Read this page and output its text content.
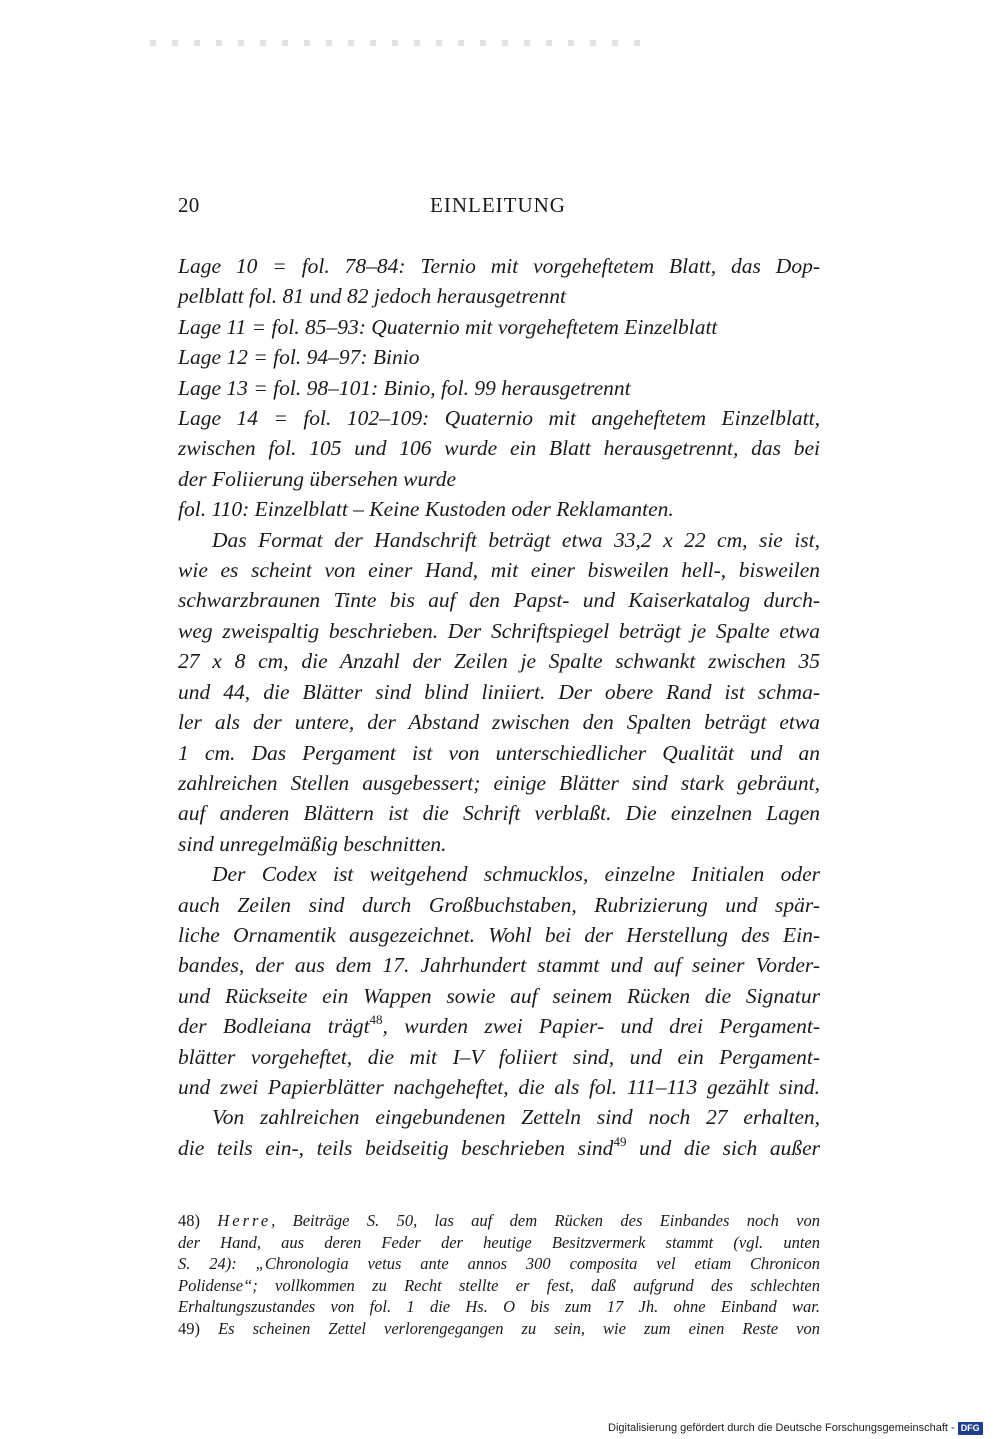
20	EINLEITUNG
Lage 10 = fol. 78–84: Ternio mit vorgeheftetem Blatt, das Dop-
pelblatt fol. 81 und 82 jedoch herausgetrennt
Lage 11 = fol. 85–93: Quaternio mit vorgeheftetem Einzelblatt
Lage 12 = fol. 94–97: Binio
Lage 13 = fol. 98–101: Binio, fol. 99 herausgetrennt
Lage 14 = fol. 102–109: Quaternio mit angeheftetem Einzelblatt,
zwischen fol. 105 und 106 wurde ein Blatt herausgetrennt, das bei
der Foliierung übersehen wurde
fol. 110: Einzelblatt – Keine Kustoden oder Reklamanten.
Das Format der Handschrift beträgt etwa 33,2 x 22 cm, sie ist,
wie es scheint von einer Hand, mit einer bisweilen hell-, bisweilen
schwarzbraunen Tinte bis auf den Papst- und Kaiserkatalog durch-
weg zweispaltig beschrieben. Der Schriftspiegel beträgt je Spalte etwa
27 x 8 cm, die Anzahl der Zeilen je Spalte schwankt zwischen 35
und 44, die Blätter sind blind liniiert. Der obere Rand ist schma-
ler als der untere, der Abstand zwischen den Spalten beträgt etwa
1 cm. Das Pergament ist von unterschiedlicher Qualität und an
zahlreichen Stellen ausgebessert; einige Blätter sind stark gebräunt,
auf anderen Blättern ist die Schrift verblaßt. Die einzelnen Lagen
sind unregelmäßig beschnitten.
Der Codex ist weitgehend schmucklos, einzelne Initialen oder
auch Zeilen sind durch Großbuchstaben, Rubrizierung und spär-
liche Ornamentik ausgezeichnet. Wohl bei der Herstellung des Ein-
bandes, der aus dem 17. Jahrhundert stammt und auf seiner Vorder-
und Rückseite ein Wappen sowie auf seinem Rücken die Signatur
der Bodleiana trägt$^{48}$, wurden zwei Papier- und drei Pergament-
blätter vorgeheftet, die mit I–V foliiert sind, und ein Pergament-
und zwei Papierblätter nachgeheftet, die als fol. 111–113 gezählt sind.
Von zahlreichen eingebundenen Zetteln sind noch 27 erhalten,
die teils ein-, teils beidseitig beschrieben sind$^{49}$ und die sich außer
48) Herre, Beiträge S. 50, las auf dem Rücken des Einbandes noch von
der Hand, aus deren Feder der heutige Besitzvermerk stammt (vgl. unten
S. 24): „Chronologia vetus ante annos 300 composita vel etiam Chronicon
Polidense“; vollkommen zu Recht stellte er fest, daß aufgrund des schlechten
Erhaltungszustandes von fol. 1 die Hs. O bis zum 17 Jh. ohne Einband war.
49) Es scheinen Zettel verlorengegangen zu sein, wie zum einen Reste von
Digitalisierung gefördert durch die Deutsche Forschungsgemeinschaft - DFG
